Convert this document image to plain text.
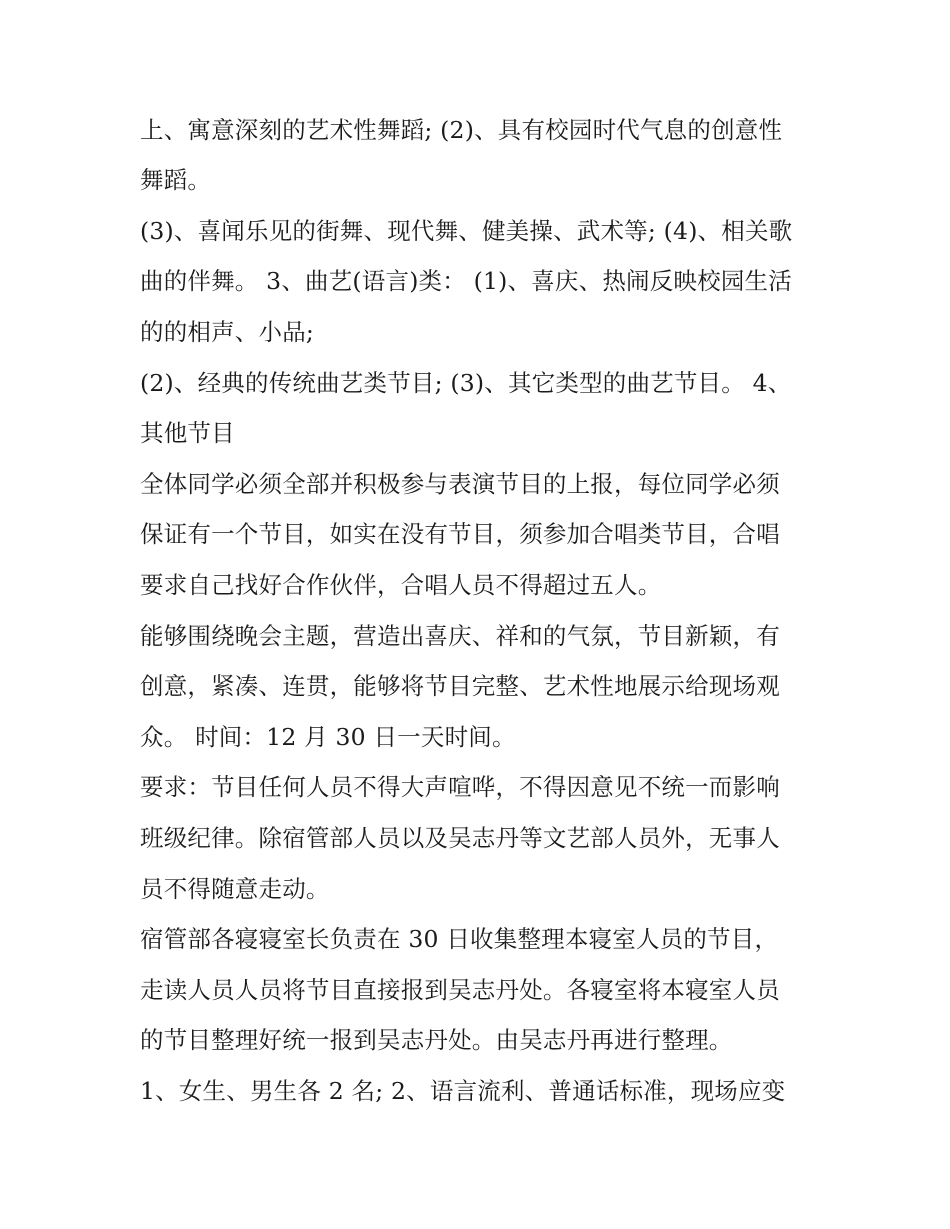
上、寓意深刻的艺术性舞蹈; (2)、具有校园时代气息的创意性
舞蹈。
(3)、喜闻乐见的街舞、现代舞、健美操、武术等; (4)、相关歌
曲的伴舞。 3、曲艺(语言)类： (1)、喜庆、热闹反映校园生活
的的相声、小品;
(2)、经典的传统曲艺类节目; (3)、其它类型的曲艺节目。 4、
其他节目
全体同学必须全部并积极参与表演节目的上报，每位同学必须
保证有一个节目，如实在没有节目，须参加合唱类节目，合唱
要求自己找好合作伙伴，合唱人员不得超过五人。
能够围绕晚会主题，营造出喜庆、祥和的气氛，节目新颖，有
创意，紧凑、连贯，能够将节目完整、艺术性地展示给现场观
众。 时间：12 月 30 日一天时间。
要求：节目任何人员不得大声喧哗，不得因意见不统一而影响
班级纪律。除宿管部人员以及吴志丹等文艺部人员外，无事人
员不得随意走动。
宿管部各寝寝室长负责在 30 日收集整理本寝室人员的节目，
走读人员人员将节目直接报到吴志丹处。各寝室将本寝室人员
的节目整理好统一报到吴志丹处。由吴志丹再进行整理。
1、女生、男生各 2 名; 2、语言流利、普通话标准，现场应变
